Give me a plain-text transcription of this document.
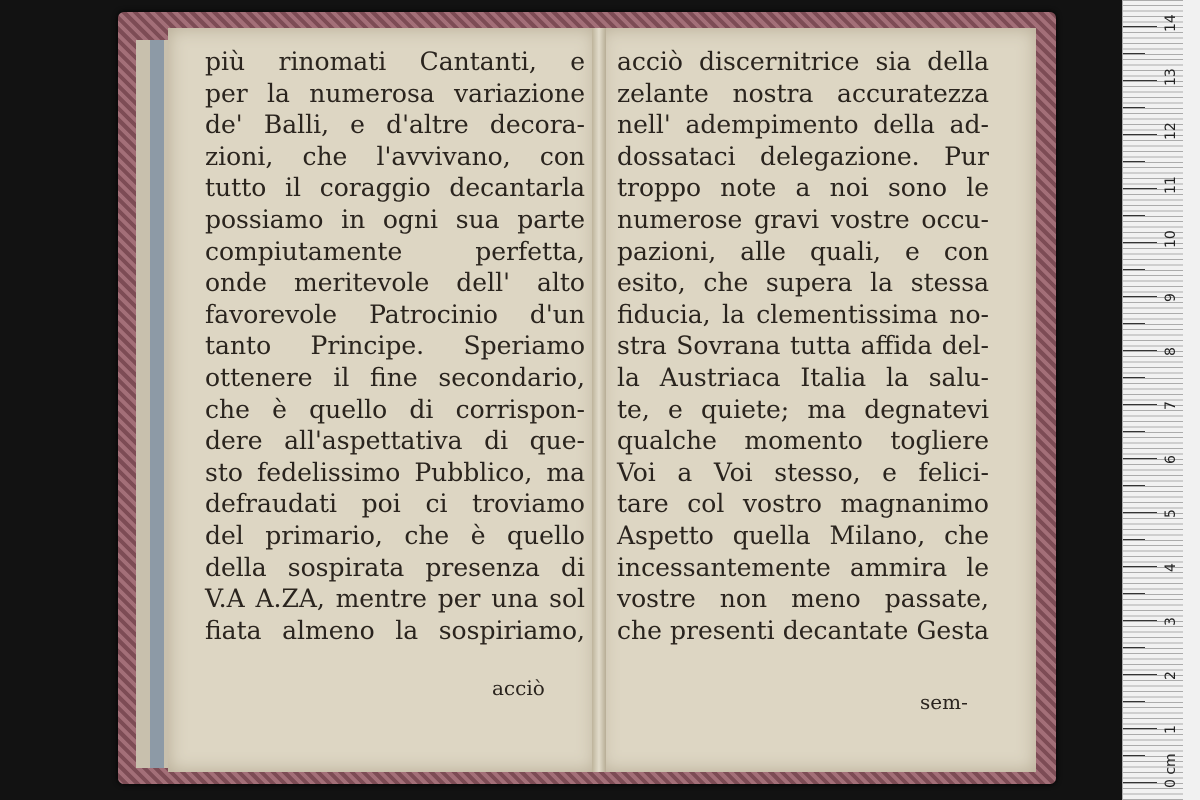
più rinomati Cantanti, e
per la numerosa variazione
de' Balli, e d'altre decora-
zioni, che l'avvivano, con
tutto il coraggio decantarla
possiamo in ogni sua parte
compiutamente perfetta,
onde meritevole dell' alto
favorevole Patrocinio d'un
tanto Principe. Speriamo
ottenere il fine secondario,
che è quello di corrispon-
dere all'aspettativa di que-
sto fedelissimo Pubblico, ma
defraudati poi ci troviamo
del primario, che è quello
della sospirata presenza di
V.A A.ZA, mentre per una sol
fiata almeno la sospiriamo,
acciò
acciò discernitrice sia della
zelante nostra accuratezza
nell' adempimento della ad-
dossataci delegazione. Pur
troppo note a noi sono le
numerose gravi vostre occu-
pazioni, alle quali, e con
esito, che supera la stessa
fiducia, la clementissima no-
stra Sovrana tutta affida del-
la Austriaca Italia la salu-
te, e quiete; ma degnatevi
qualche momento togliere
Voi a Voi stesso, e felici-
tare col vostro magnanimo
Aspetto quella Milano, che
incessantemente ammira le
vostre non meno passate,
che presenti decantate Gesta
sem-
0 cm
1
2
3
4
5
6
7
8
9
10
11
12
13
14
